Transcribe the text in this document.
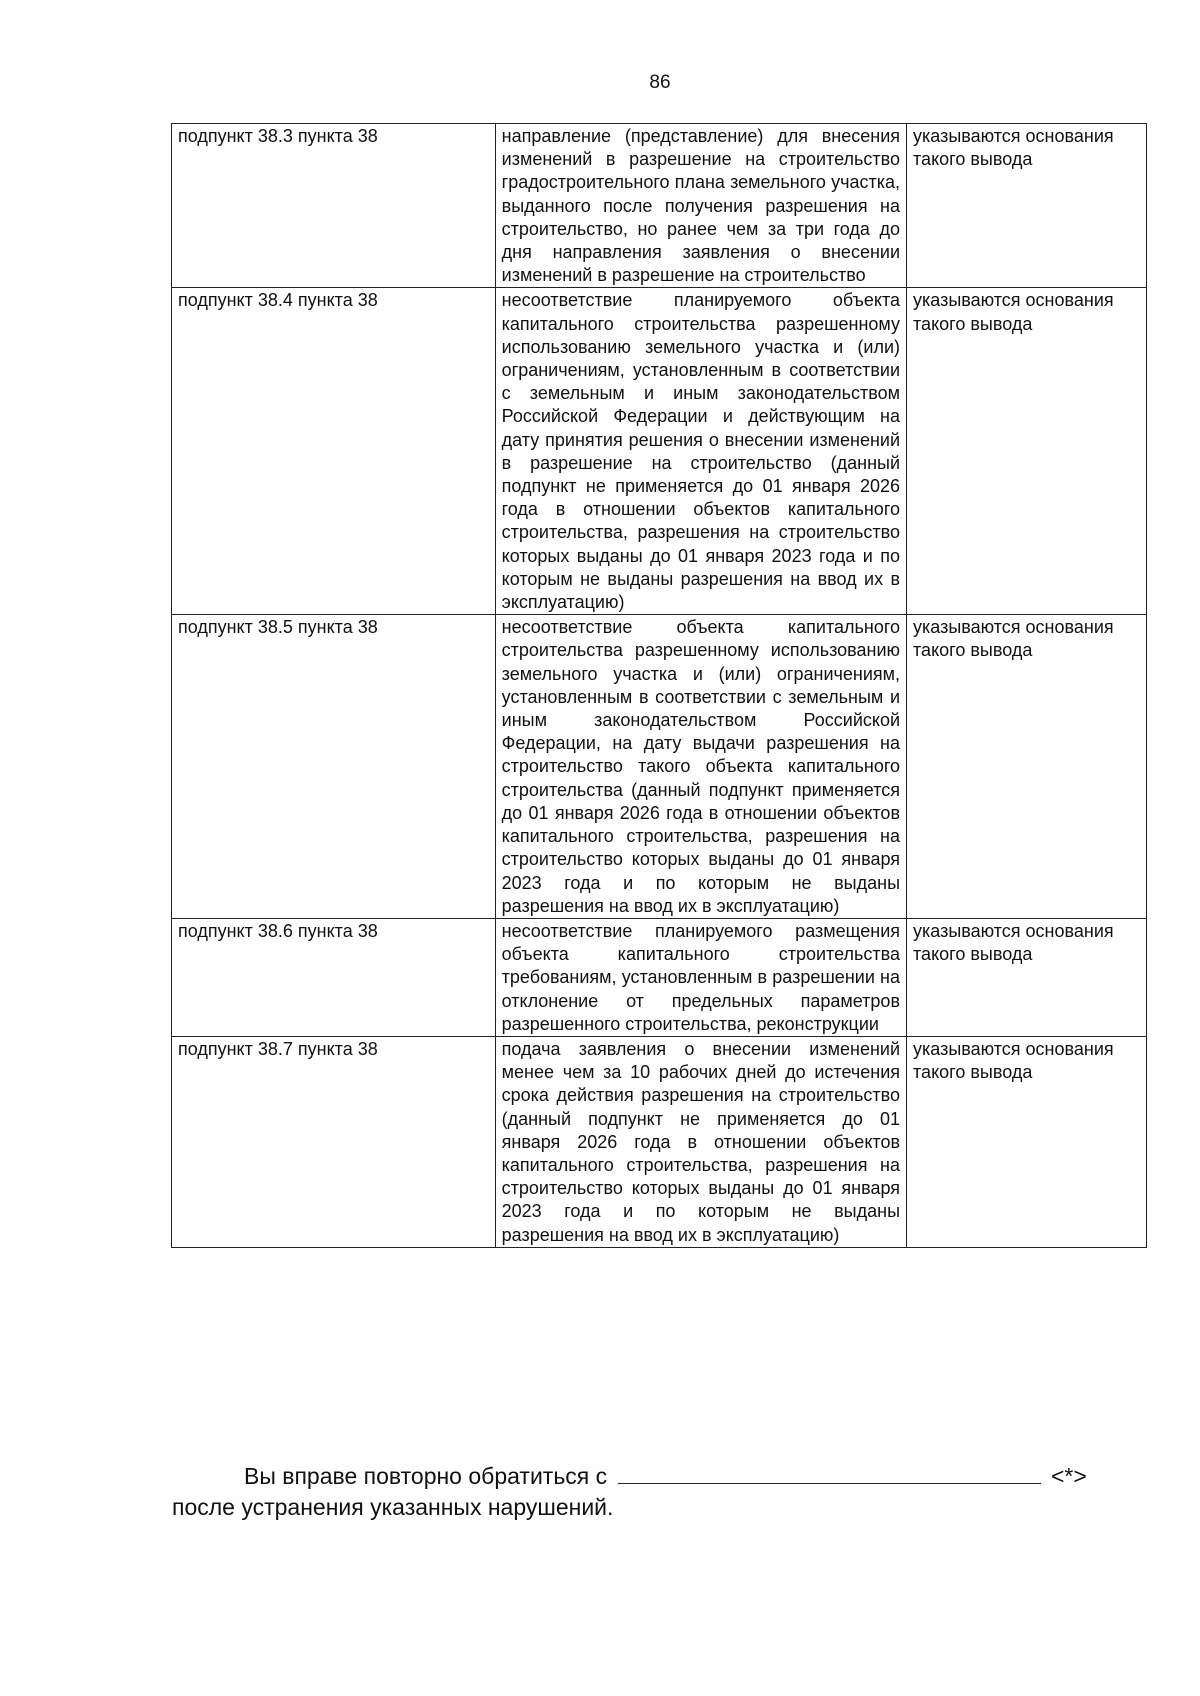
86
подпункт 38.3 пункта 38	направление (представление) для внесения изменений в разрешение на строительство градостроительного плана земельного участка, выданного после получения разрешения на строительство, но ранее чем за три года до дня направления заявления о внесении изменений в разрешение на строительство	указываются основания такого вывода
подпункт 38.4 пункта 38	несоответствие планируемого объекта капитального строительства разрешенному использованию земельного участка и (или) ограничениям, установленным в соответствии с земельным и иным законодательством Российской Федерации и действующим на дату принятия решения о внесении изменений в разрешение на строительство (данный подпункт не применяется до 01 января 2026 года в отношении объектов капитального строительства, разрешения на строительство которых выданы до 01 января 2023 года и по которым не выданы разрешения на ввод их в эксплуатацию)	указываются основания такого вывода
подпункт 38.5 пункта 38	несоответствие объекта капитального строительства разрешенному использованию земельного участка и (или) ограничениям, установленным в соответствии с земельным и иным законодательством Российской Федерации, на дату выдачи разрешения на строительство такого объекта капитального строительства (данный подпункт применяется до 01 января 2026 года в отношении объектов капитального строительства, разрешения на строительство которых выданы до 01 января 2023 года и по которым не выданы разрешения на ввод их в эксплуатацию)	указываются основания такого вывода
подпункт 38.6 пункта 38	несоответствие планируемого размещения объекта капитального строительства требованиям, установленным в разрешении на отклонение от предельных параметров разрешенного строительства, реконструкции	указываются основания такого вывода
подпункт 38.7 пункта 38	подача заявления о внесении изменений менее чем за 10 рабочих дней до истечения срока действия разрешения на строительство (данный подпункт не применяется до 01 января 2026 года в отношении объектов капитального строительства, разрешения на строительство которых выданы до 01 января 2023 года и по которым не выданы разрешения на ввод их в эксплуатацию)	указываются основания такого вывода
Вы вправе повторно обратиться с	<*>
после устранения указанных нарушений.
